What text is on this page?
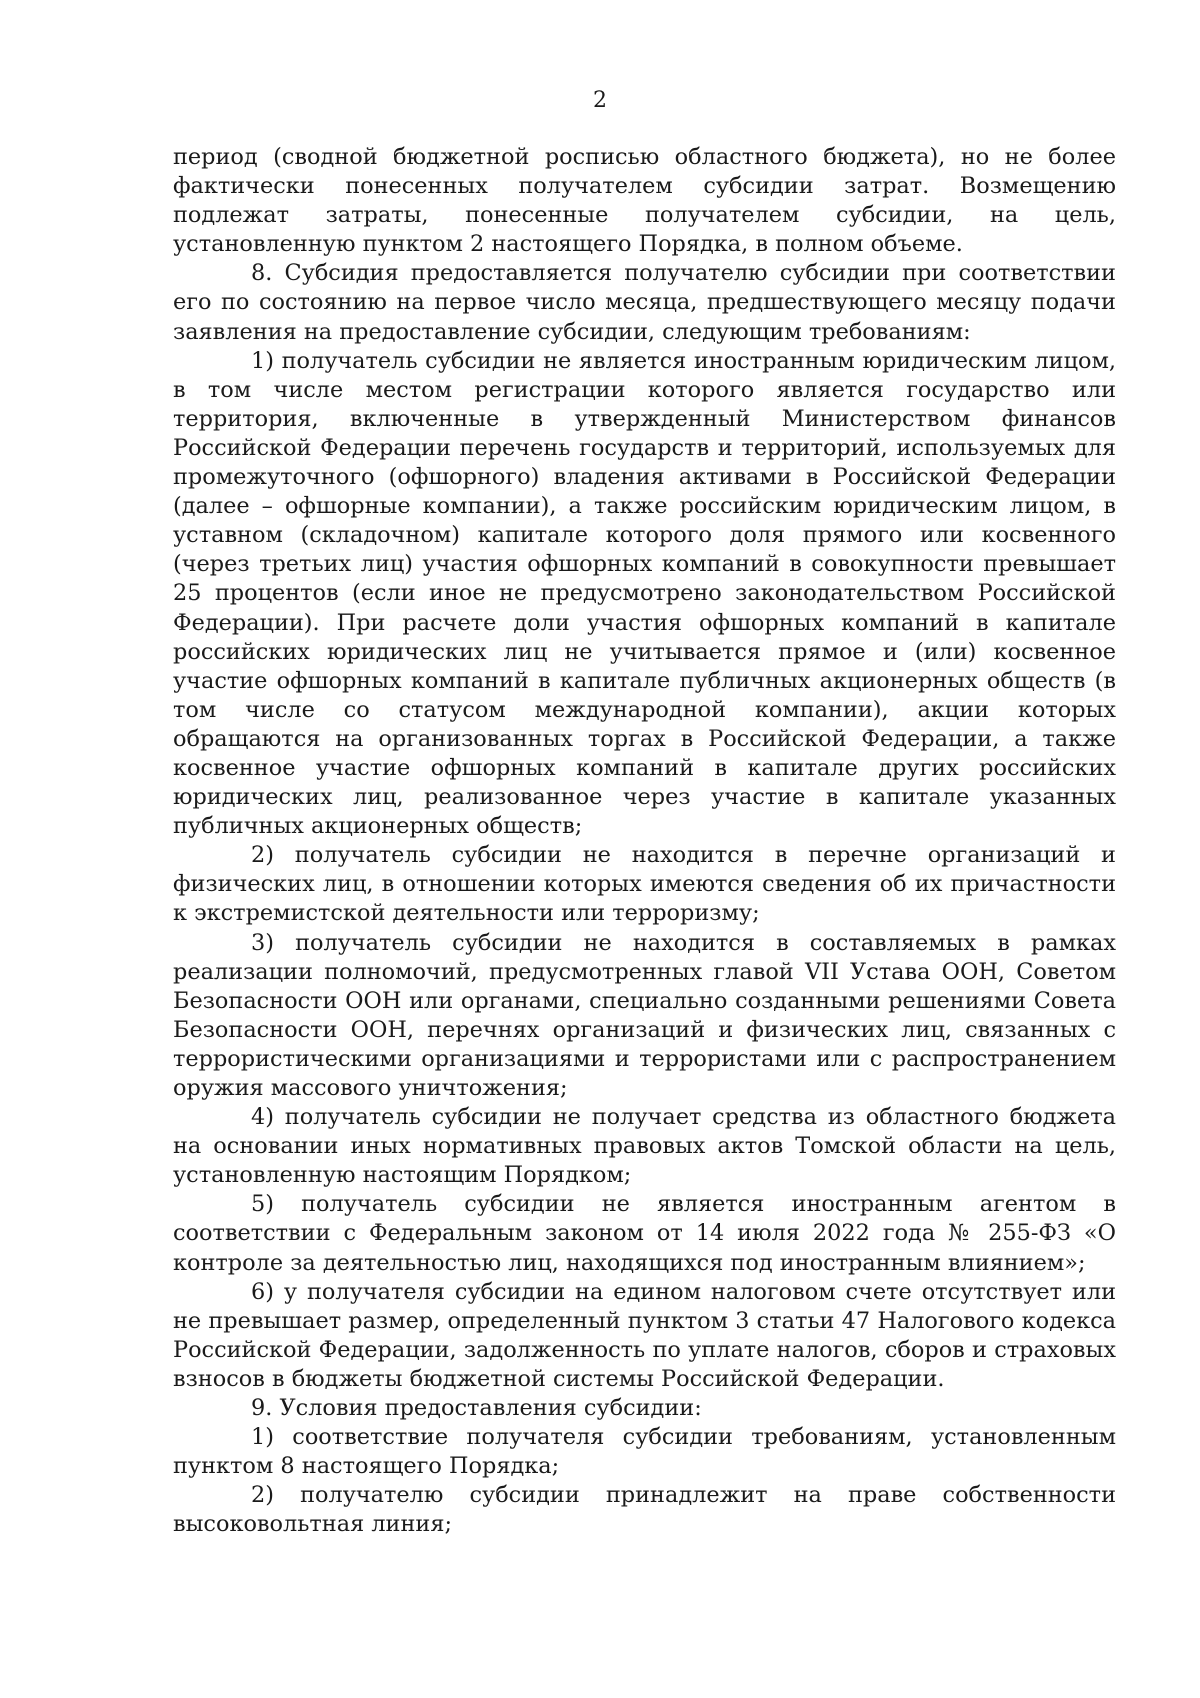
2

период (сводной бюджетной росписью областного бюджета), но не более фактически понесенных получателем субсидии затрат. Возмещению подлежат затраты, понесенные получателем субсидии, на цель, установленную пунктом 2 настоящего Порядка, в полном объеме.

8. Субсидия предоставляется получателю субсидии при соответствии его по состоянию на первое число месяца, предшествующего месяцу подачи заявления на предоставление субсидии, следующим требованиям:

1) получатель субсидии не является иностранным юридическим лицом, в том числе местом регистрации которого является государство или территория, включенные в утвержденный Министерством финансов Российской Федерации перечень государств и территорий, используемых для промежуточного (офшорного) владения активами в Российской Федерации (далее – офшорные компании), а также российским юридическим лицом, в уставном (складочном) капитале которого доля прямого или косвенного (через третьих лиц) участия офшорных компаний в совокупности превышает 25 процентов (если иное не предусмотрено законодательством Российской Федерации). При расчете доли участия офшорных компаний в капитале российских юридических лиц не учитывается прямое и (или) косвенное участие офшорных компаний в капитале публичных акционерных обществ (в том числе со статусом международной компании), акции которых обращаются на организованных торгах в Российской Федерации, а также косвенное участие офшорных компаний в капитале других российских юридических лиц, реализованное через участие в капитале указанных публичных акционерных обществ;

2) получатель субсидии не находится в перечне организаций и физических лиц, в отношении которых имеются сведения об их причастности к экстремистской деятельности или терроризму;

3) получатель субсидии не находится в составляемых в рамках реализации полномочий, предусмотренных главой VII Устава ООН, Советом Безопасности ООН или органами, специально созданными решениями Совета Безопасности ООН, перечнях организаций и физических лиц, связанных с террористическими организациями и террористами или с распространением оружия массового уничтожения;

4) получатель субсидии не получает средства из областного бюджета на основании иных нормативных правовых актов Томской области на цель, установленную настоящим Порядком;

5) получатель субсидии не является иностранным агентом в соответствии с Федеральным законом от 14 июля 2022 года № 255-ФЗ «О контроле за деятельностью лиц, находящихся под иностранным влиянием»;

6) у получателя субсидии на едином налоговом счете отсутствует или не превышает размер, определенный пунктом 3 статьи 47 Налогового кодекса Российской Федерации, задолженность по уплате налогов, сборов и страховых взносов в бюджеты бюджетной системы Российской Федерации.

9. Условия предоставления субсидии:

1) соответствие получателя субсидии требованиям, установленным пунктом 8 настоящего Порядка;

2) получателю субсидии принадлежит на праве собственности высоковольтная линия;
